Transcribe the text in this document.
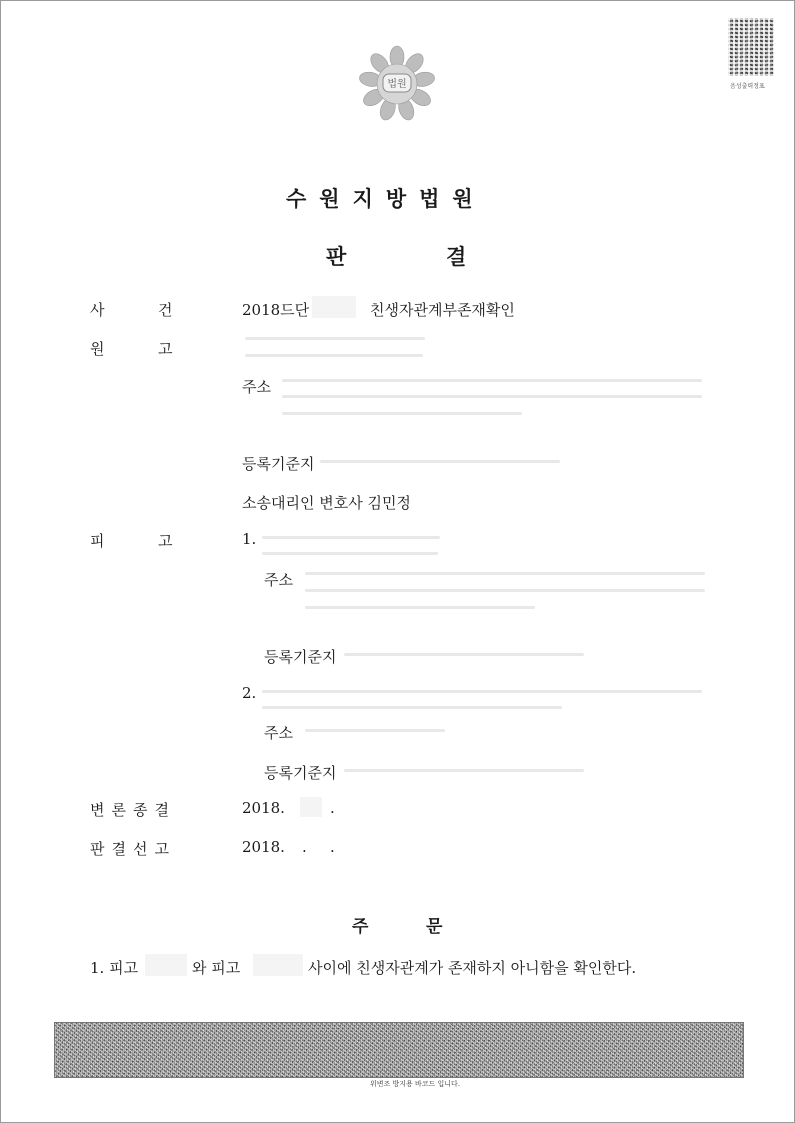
법원	음성출력정표
수원지방법원
판	결
사	건	2018드단	친생자관계부존재확인
원	고
주소
등록기준지
소송대리인 변호사 김민정
피	고	1.
주소
등록기준지
2.
주소
등록기준지
변론종결	2018.	.
판결선고	2018. . .
주	문
1. 피고	와 피고	사이에 친생자관계가 존재하지 아니함을 확인한다.
위변조 방지용 바코드 입니다.
